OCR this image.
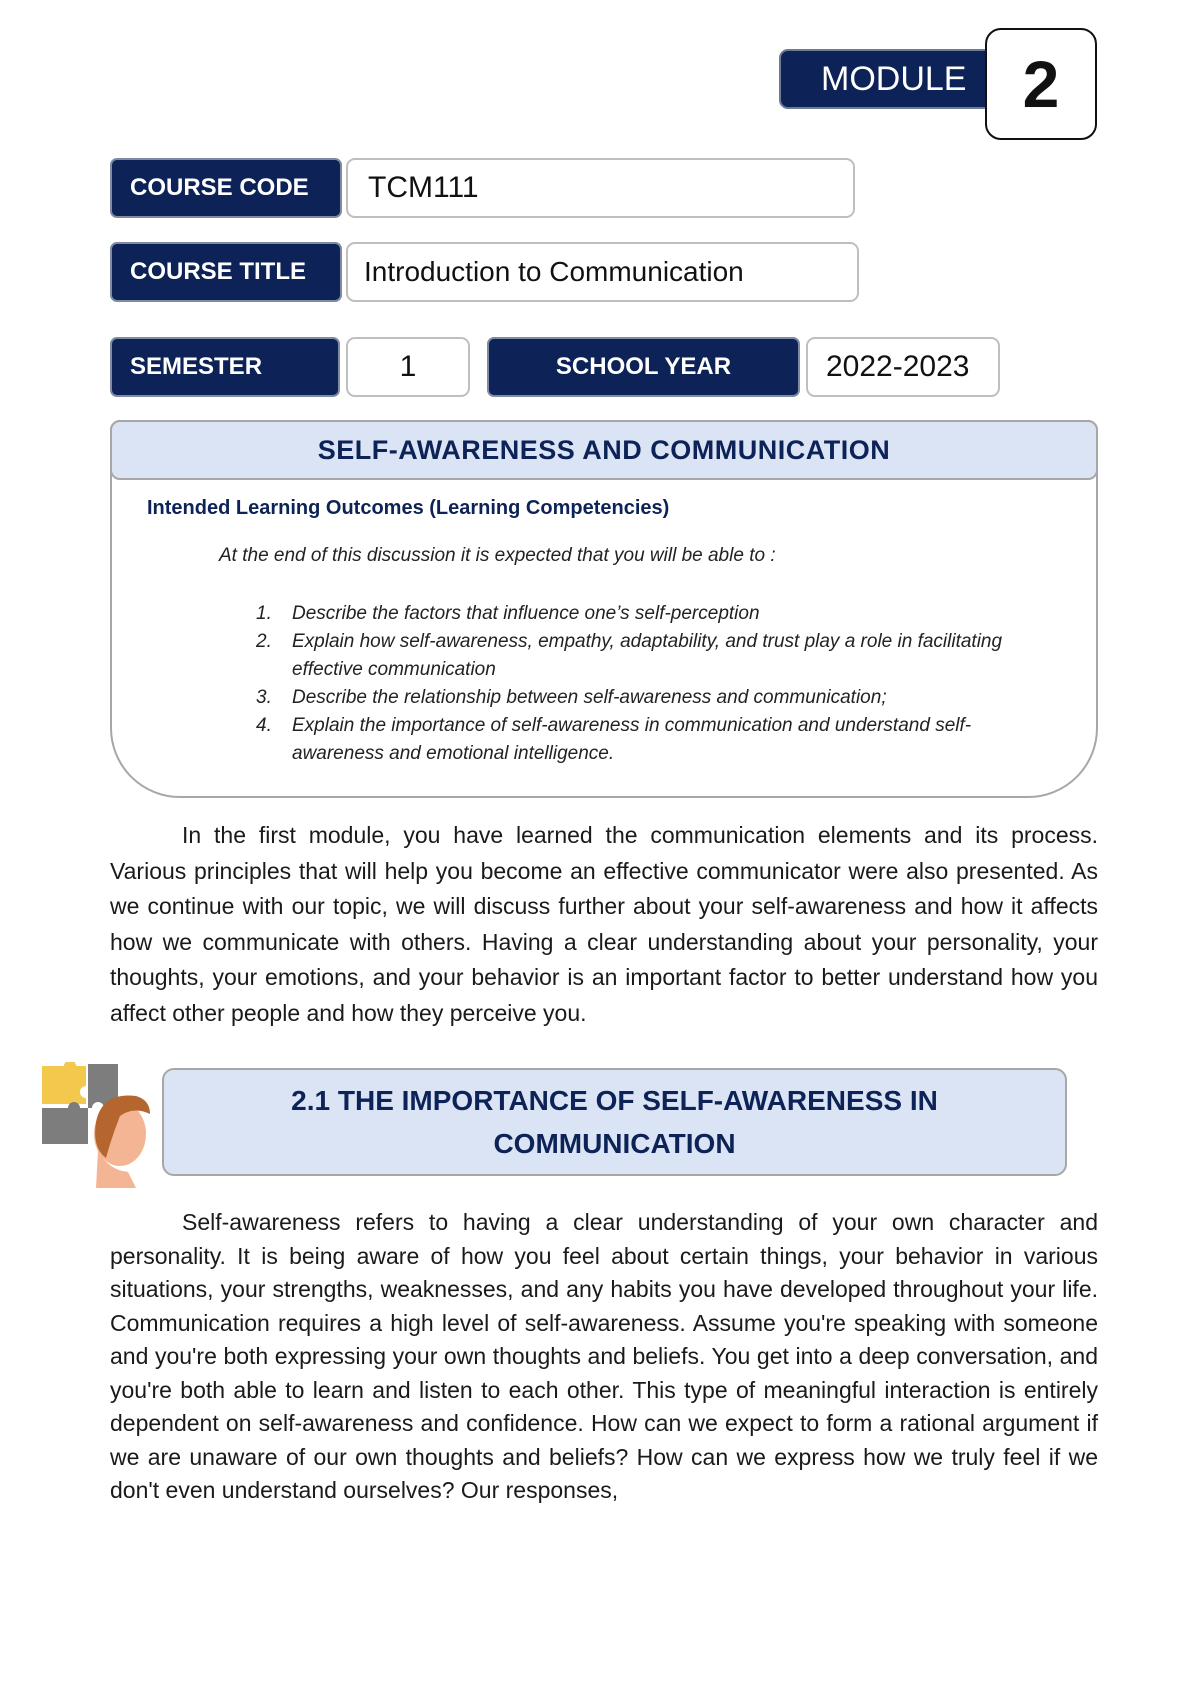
MODULE 2
COURSE CODE	TCM111
COURSE TITLE	Introduction to Communication
SEMESTER	1	SCHOOL YEAR	2022-2023
SELF-AWARENESS AND COMMUNICATION
Intended Learning Outcomes (Learning Competencies)
At the end of this discussion it is expected that you will be able to :
1.	Describe the factors that influence one’s self-perception
2.	Explain how self-awareness, empathy, adaptability, and trust play a role in facilitating effective communication
3.	Describe the relationship between self-awareness and communication;
4.	Explain the importance of self-awareness in communication and understand self-awareness and emotional intelligence.
In the first module, you have learned the communication elements and its process. Various principles that will help you become an effective communicator were also presented. As we continue with our topic, we will discuss further about your self-awareness and how it affects how we communicate with others. Having a clear understanding about your personality, your thoughts, your emotions, and your behavior is an important factor to better understand how you affect other people and how they perceive you.
2.1 THE IMPORTANCE OF SELF-AWARENESS IN
COMMUNICATION
Self-awareness refers to having a clear understanding of your own character and personality. It is being aware of how you feel about certain things, your behavior in various situations, your strengths, weaknesses, and any habits you have developed throughout your life. Communication requires a high level of self-awareness. Assume you're speaking with someone and you're both expressing your own thoughts and beliefs. You get into a deep conversation, and you're both able to learn and listen to each other. This type of meaningful interaction is entirely dependent on self-awareness and confidence. How can we expect to form a rational argument if we are unaware of our own thoughts and beliefs? How can we express how we truly feel if we don't even understand ourselves? Our responses,
